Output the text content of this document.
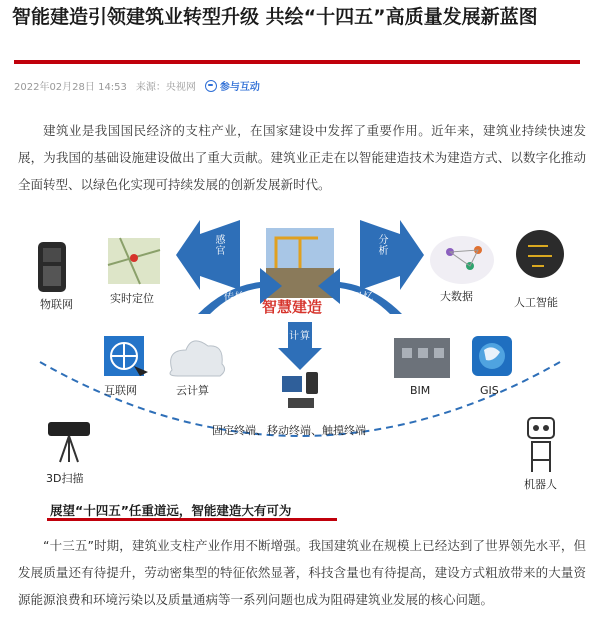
智能建造引领建筑业转型升级 共绘“十四五”高质量发展新蓝图
2022年02月28日 14:53 来源：央视网 参与互动

建筑业是我国国民经济的支柱产业，在国家建设中发挥了重要作用。近年来，建筑业持续快速发展，为我国的基础设施建设做出了重大贡献。建筑业正走在以智能建造技术为建造方式、以数字化推动全面转型、以绿色化实现可持续发展的创新发展新时代。

感官	分析
传输	记忆
计算
物联网	实时定位	大数据	人工智能
互联网	云计算	BIM	GIS
固定终端、移动终端、触摸终端
3D扫描	机器人
智慧建造
展望“十四五”任重道远，智能建造大有可为

“十三五”时期，建筑业支柱产业作用不断增强。我国建筑业在规模上已经达到了世界领先水平，但发展质量还有待提升，劳动密集型的特征依然显著，科技含量也有待提高，建设方式粗放带来的大量资源能源浪费和环境污染以及质量通病等一系列问题也成为阻碍建筑业发展的核心问题。
